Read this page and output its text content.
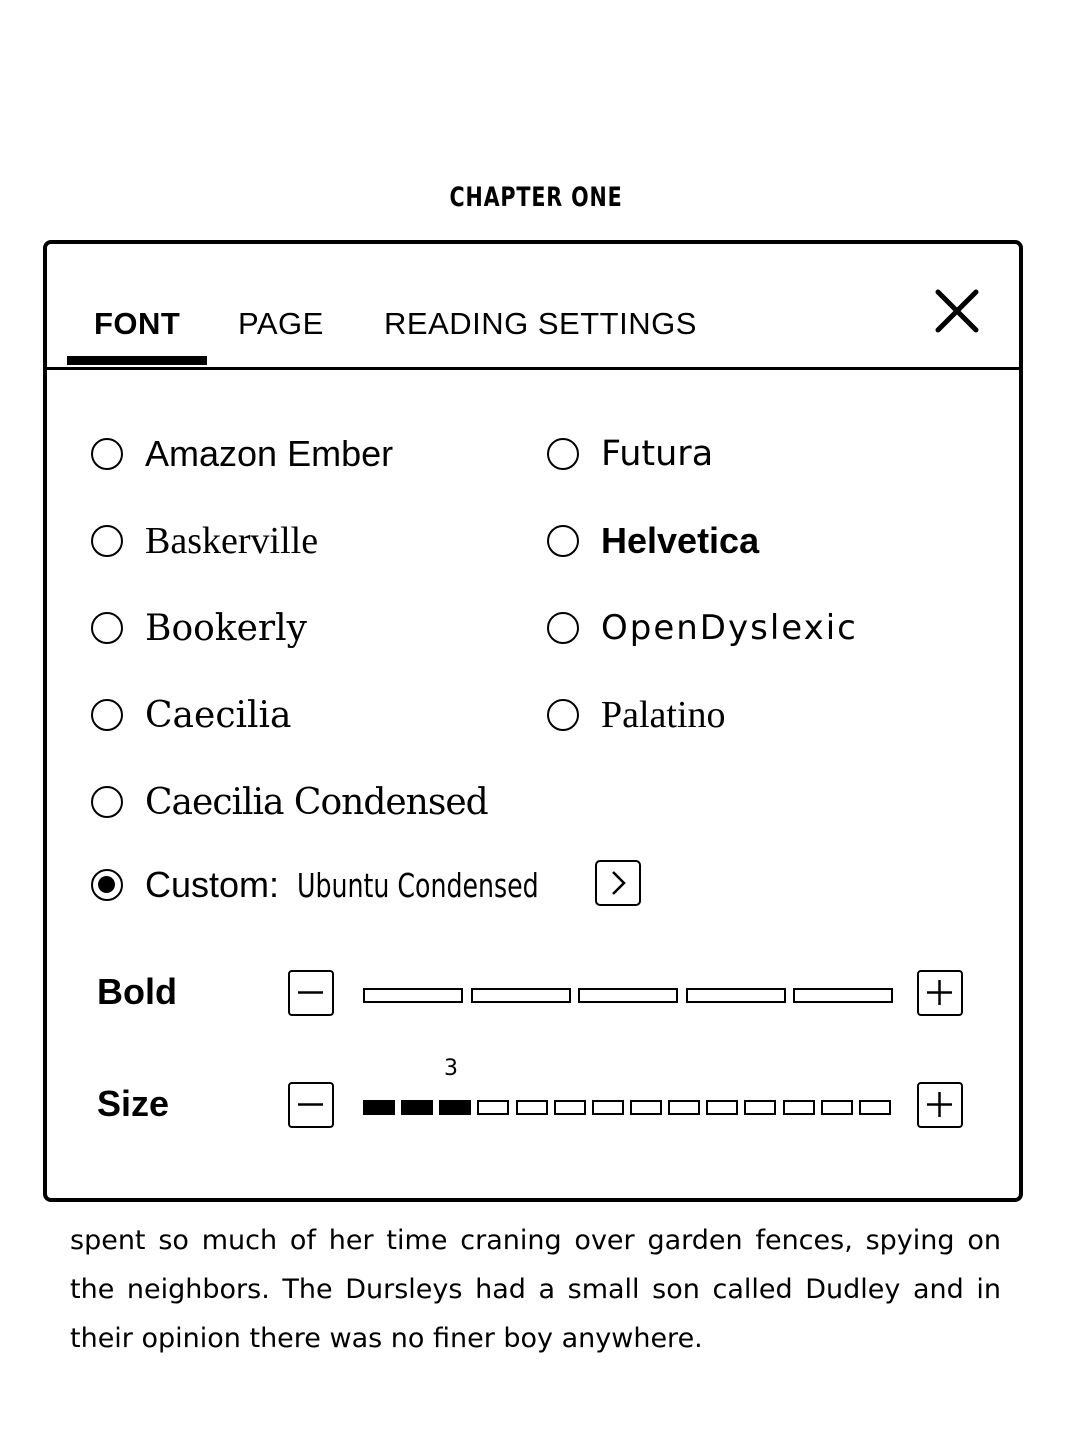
CHAPTER ONE

spent so much of her time craning over garden fences, spying on the neighbors. The Dursleys had a small son called Dudley and in their opinion there was no finer boy anywhere.

FONT PAGE READING SETTINGS
Amazon Ember
Baskerville
Bookerly
Caecilia
Caecilia Condensed
Futura
Helvetica
OpenDyslexic
Palatino
Custom: Ubuntu Condensed
Bold
3
Size
